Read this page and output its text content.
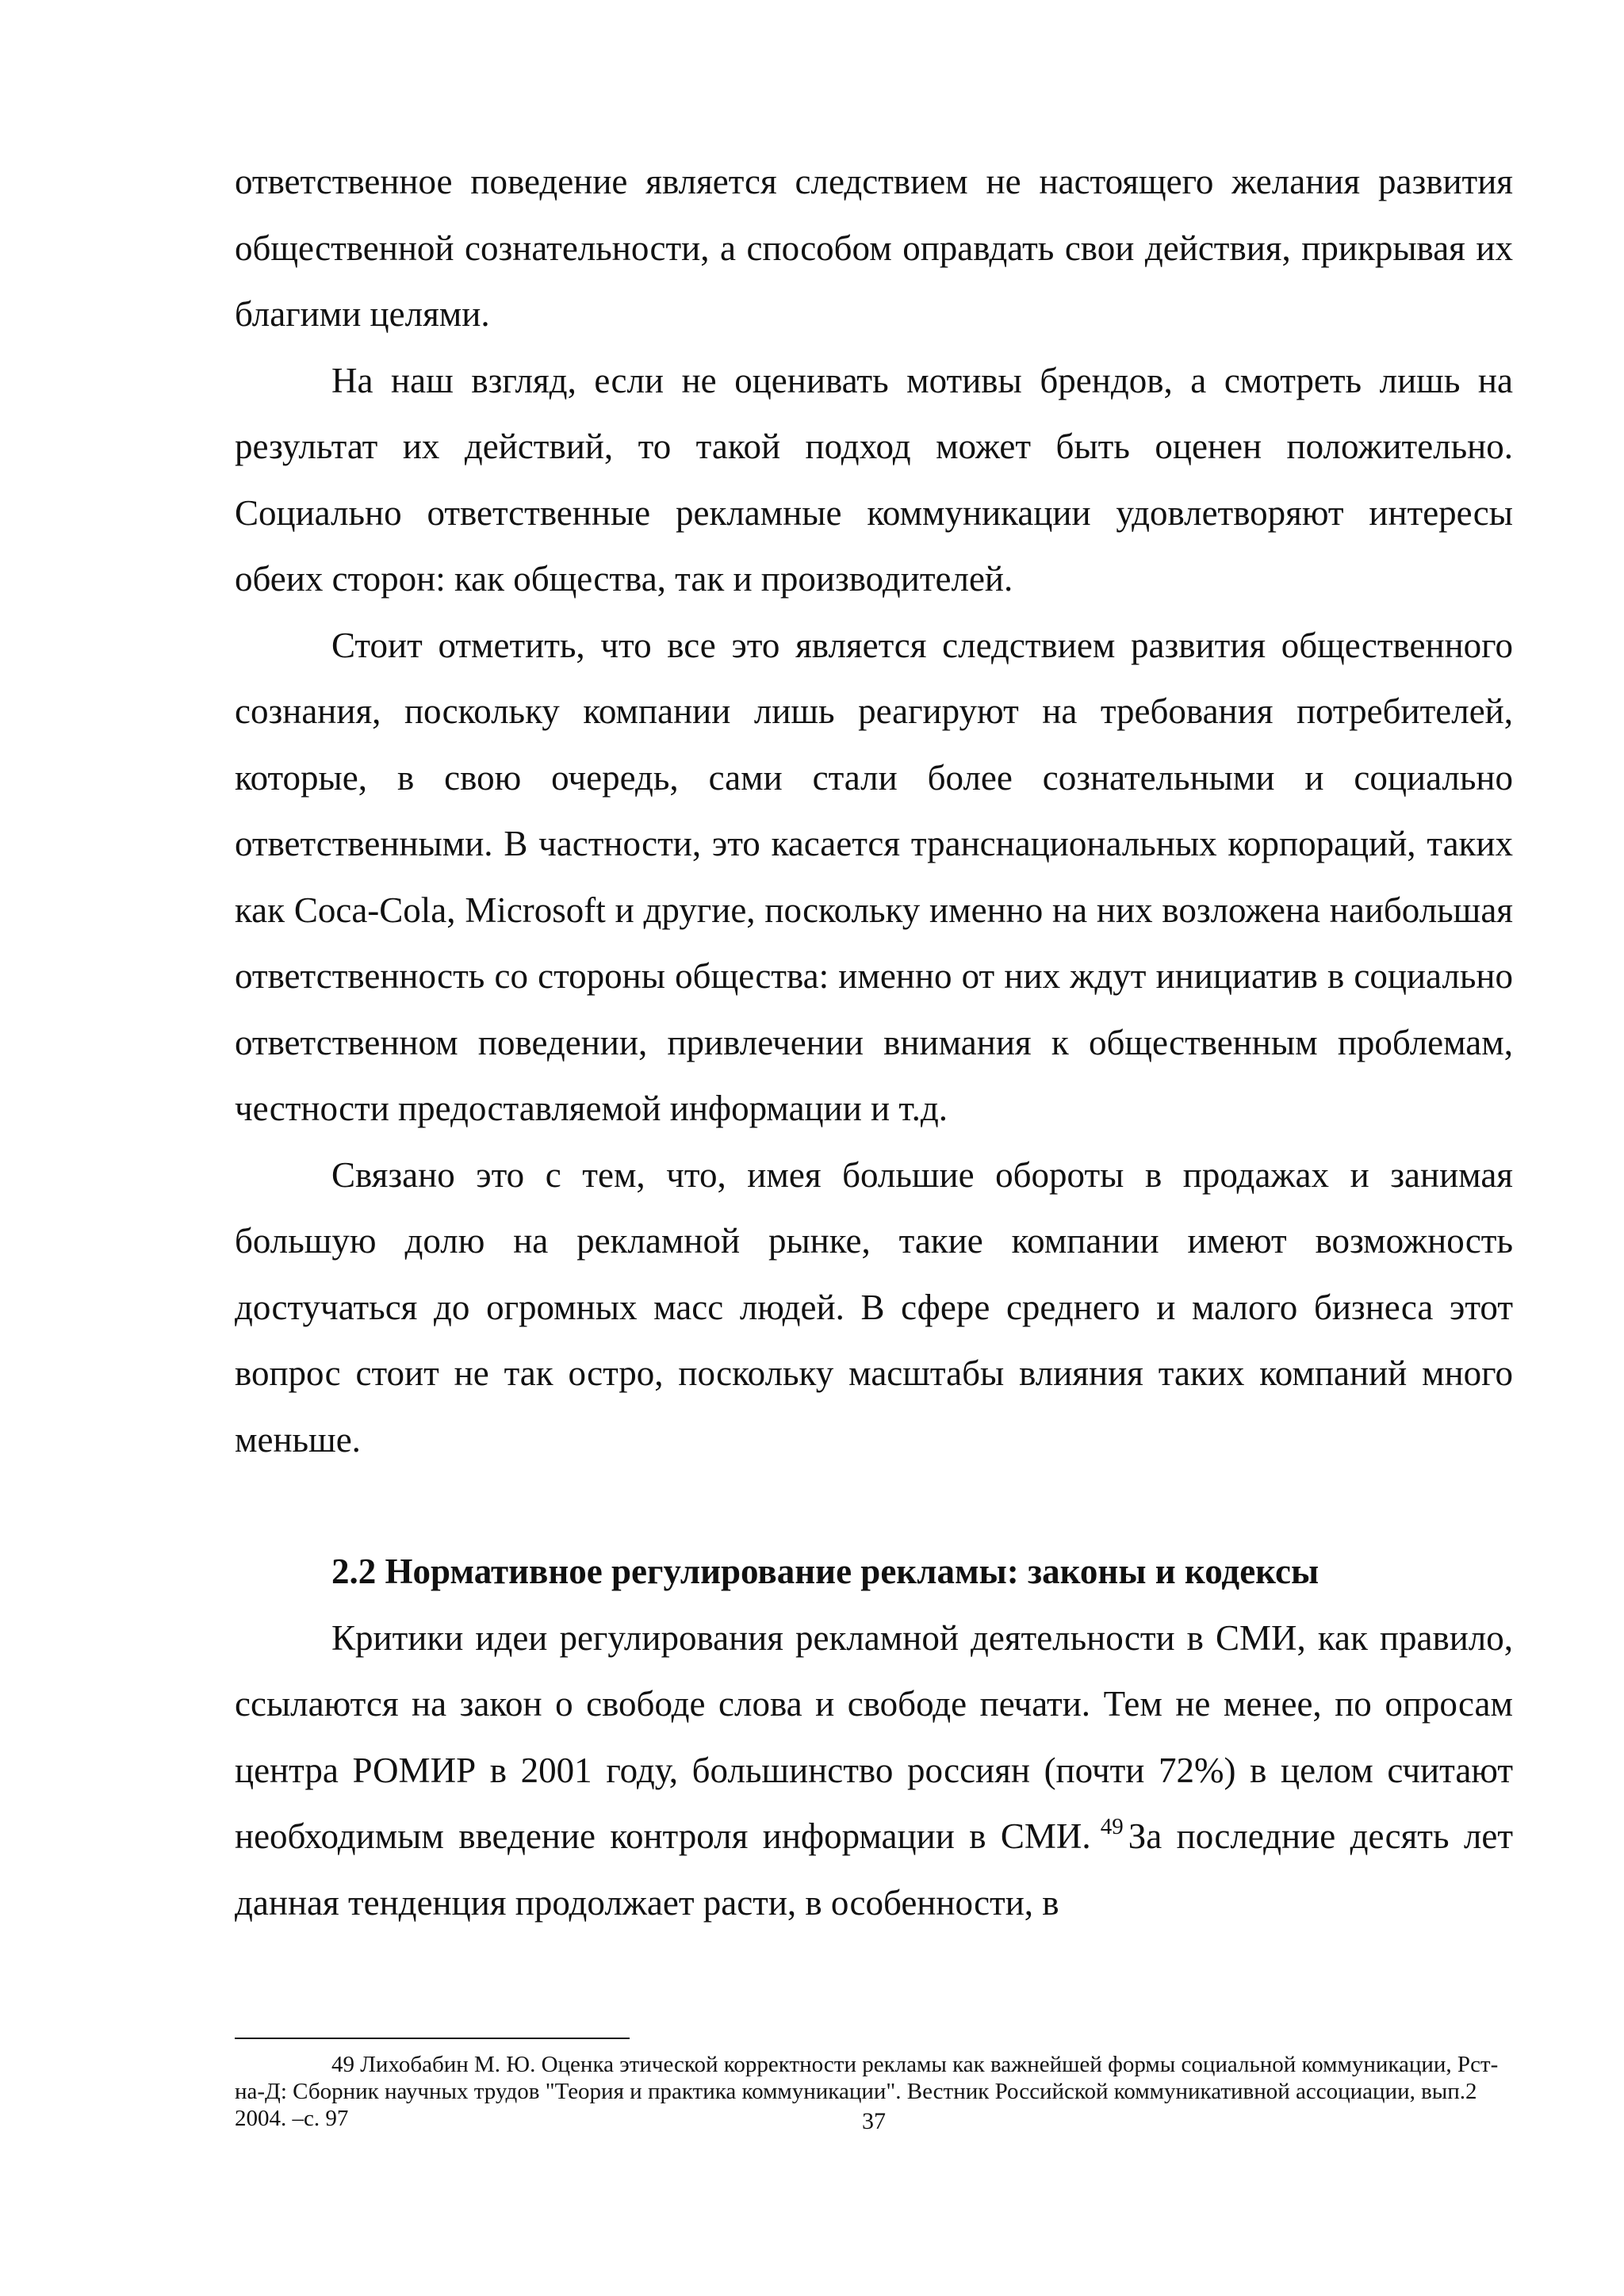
ответственное поведение является следствием не настоящего желания развития общественной сознательности, а способом оправдать свои действия, прикрывая их благими целями.

На наш взгляд, если не оценивать мотивы брендов, а смотреть лишь на результат их действий, то такой подход может быть оценен положительно. Социально ответственные рекламные коммуникации удовлетворяют интересы обеих сторон: как общества, так и производителей.

Стоит отметить, что все это является следствием развития общественного сознания, поскольку компании лишь реагируют на требования потребителей, которые, в свою очередь, сами стали более сознательными и социально ответственными. В частности, это касается транснациональных корпораций, таких как Coca-Cola, Microsoft и другие, поскольку именно на них возложена наибольшая ответственность со стороны общества: именно от них ждут инициатив в социально ответственном поведении, привлечении внимания к общественным проблемам, честности предоставляемой информации и т.д.

Связано это с тем, что, имея большие обороты в продажах и занимая большую долю на рекламной рынке, такие компании имеют возможность достучаться до огромных масс людей. В сфере среднего и малого бизнеса этот вопрос стоит не так остро, поскольку масштабы влияния таких компаний много меньше.

2.2 Нормативное регулирование рекламы: законы и кодексы

Критики идеи регулирования рекламной деятельности в СМИ, как правило, ссылаются на закон о свободе слова и свободе печати. Тем не менее, по опросам центра РОМИР в 2001 году, большинство россиян (почти 72%) в целом считают необходимым введение контроля информации в СМИ. $^{49}$ За последние десять лет данная тенденция продолжает расти, в особенности, в

49 Лихобабин М. Ю. Оценка этической корректности рекламы как важнейшей формы социальной коммуникации, Рст-на-Д: Сборник научных трудов "Теория и практика коммуникации". Вестник Российской коммуникативной ассоциации, вып.2 2004. –с. 97	37
